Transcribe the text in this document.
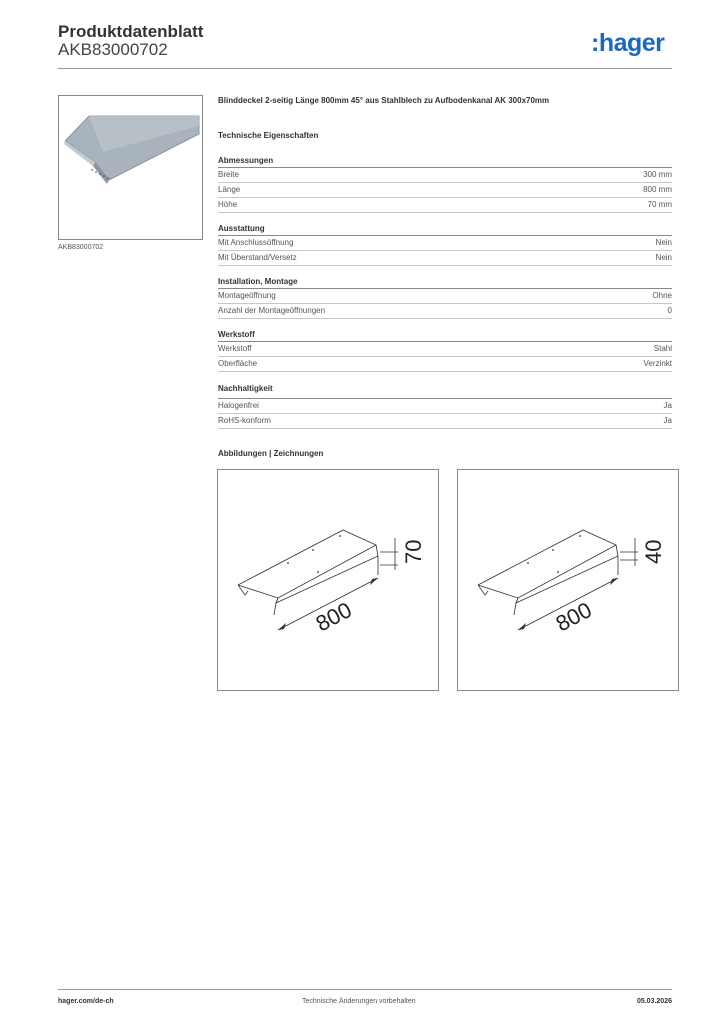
Produktdatenblatt
AKB83000702	:hager
AKB83000702
Blinddeckel 2-seitig Länge 800mm 45° aus Stahlblech zu Aufbodenkanal AK 300x70mm
Technische Eigenschaften
Abmessungen
Breite	300 mm
Länge	800 mm
Höhe	70 mm
Ausstattung
Mit Anschlussöffnung	Nein
Mit Überstand/Versetz	Nein
Installation, Montage
Montageöffnung	Ohne
Anzahl der Montageöffnungen	0
Werkstoff
Werkstoff	Stahl
Oberfläche	Verzinkt
Nachhaltigkeit
Halogenfrei	Ja
RoHS-konform	Ja
Abbildungen | Zeichnungen
800
70
800
40
hager.com/de-ch	Technische Änderungen vorbehalten	05.03.2026
